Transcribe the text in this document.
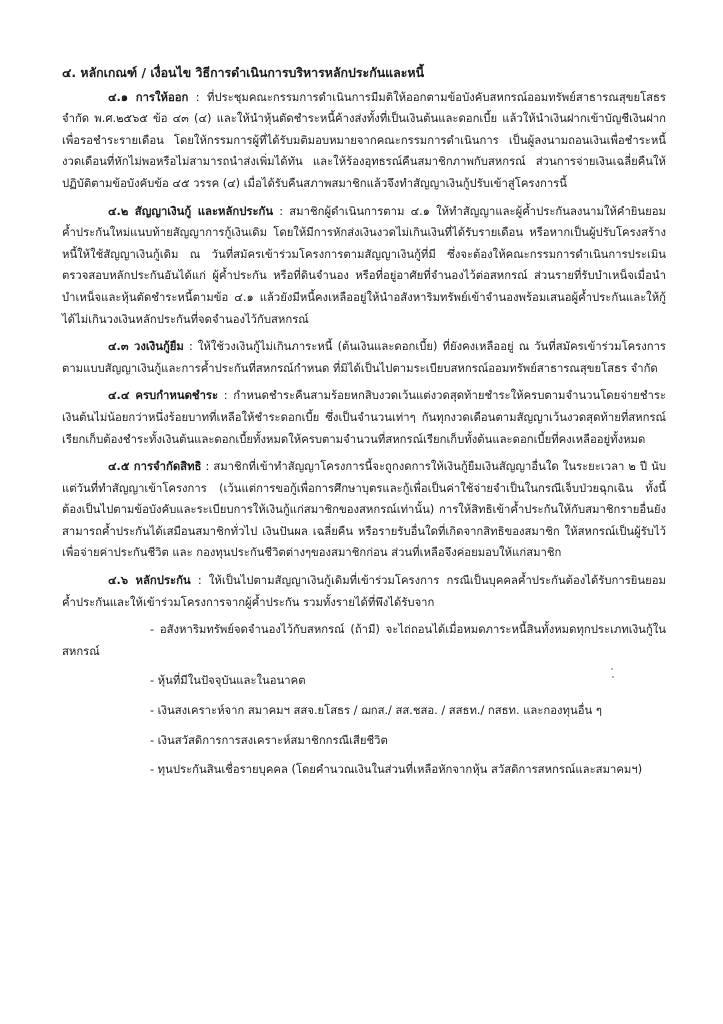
๔. หลักเกณฑ์ / เงื่อนไข วิธีการดำเนินการบริหารหลักประกันและหนี้

๔.๑ การให้ออก : ที่ประชุมคณะกรรมการดำเนินการมีมติให้ออกตามข้อบังคับสหกรณ์ออมทรัพย์สาธารณสุขยโสธร จำกัด พ.ศ.๒๕๖๕ ข้อ ๔๓ (๔) และให้นำหุ้นตัดชำระหนี้ค้างส่งทั้งที่เป็นเงินต้นและดอกเบี้ย แล้วให้นำเงินฝากเข้าบัญชีเงินฝากเพื่อรอชำระรายเดือน โดยให้กรรมการผู้ที่ได้รับมติมอบหมายจากคณะกรรมการดำเนินการ เป็นผู้ลงนามถอนเงินเพื่อชำระหนี้งวดเดือนที่หักไม่พอหรือไม่สามารถนำส่งเพิ่มได้ทัน และให้ร้องอุทธรณ์คืนสมาชิกภาพกับสหกรณ์ ส่วนการจ่ายเงินเฉลี่ยคืนให้ปฏิบัติตามข้อบังคับข้อ ๔๕ วรรค (๔) เมื่อได้รับคืนสภาพสมาชิกแล้วจึงทำสัญญาเงินกู้ปรับเข้าสู่โครงการนี้

๔.๒ สัญญาเงินกู้ และหลักประกัน : สมาชิกผู้ดำเนินการตาม ๔.๑ ให้ทำสัญญาและผู้ค้ำประกันลงนามให้คำยินยอม ค้ำประกันใหม่แนบท้ายสัญญาการกู้เงินเดิม โดยให้มีการหักส่งเงินงวดไม่เกินเงินที่ได้รับรายเดือน หรือหากเป็นผู้ปรับโครงสร้างหนี้ให้ใช้สัญญาเงินกู้เดิม ณ วันที่สมัครเข้าร่วมโครงการตามสัญญาเงินกู้ที่มี ซึ่งจะต้องให้คณะกรรมการดำเนินการประเมินตรวจสอบหลักประกันอันได้แก่ ผู้ค้ำประกัน หรือที่ดินจำนอง หรือที่อยู่อาศัยที่จำนองไว้ต่อสหกรณ์ ส่วนรายที่รับบำเหน็จเมื่อนำบำเหน็จและหุ้นตัดชำระหนี้ตามข้อ ๔.๑ แล้วยังมีหนี้คงเหลืออยู่ให้นำอสังหาริมทรัพย์เข้าจำนองพร้อมเสนอผู้ค้ำประกันและให้กู้ได้ไม่เกินวงเงินหลักประกันที่จดจำนองไว้กับสหกรณ์

๔.๓ วงเงินกู้ยืม : ให้ใช้วงเงินกู้ไม่เกินภาระหนี้ (ต้นเงินและดอกเบี้ย) ที่ยังคงเหลืออยู่ ณ วันที่สมัครเข้าร่วมโครงการ ตามแบบสัญญาเงินกู้และการค้ำประกันที่สหกรณ์กำหนด ที่มิได้เป็นไปตามระเบียบสหกรณ์ออมทรัพย์สาธารณสุขยโสธร จำกัด

๔.๔ ครบกำหนดชำระ : กำหนดชำระคืนสามร้อยหกสิบงวดเว้นแต่งวดสุดท้ายชำระให้ครบตามจำนวนโดยจ่ายชำระเงินต้นไม่น้อยกว่าหนึ่งร้อยบาทที่เหลือให้ชำระดอกเบี้ย ซึ่งเป็นจำนวนเท่าๆ กันทุกงวดเดือนตามสัญญาเว้นงวดสุดท้ายที่สหกรณ์เรียกเก็บต้องชำระทั้งเงินต้นและดอกเบี้ยทั้งหมดให้ครบตามจำนวนที่สหกรณ์เรียกเก็บทั้งต้นและดอกเบี้ยที่คงเหลืออยู่ทั้งหมด

๔.๕ การจำกัดสิทธิ : สมาชิกที่เข้าทำสัญญาโครงการนี้จะถูกงดการให้เงินกู้ยืมเงินสัญญาอื่นใด ในระยะเวลา ๒ ปี นับแต่วันที่ทำสัญญาเข้าโครงการ (เว้นแต่การขอกู้เพื่อการศึกษาบุตรและกู้เพื่อเป็นค่าใช้จ่ายจำเป็นในกรณีเจ็บป่วยฉุกเฉิน ทั้งนี้ต้องเป็นไปตามข้อบังคับและระเบียบการให้เงินกู้แก่สมาชิกของสหกรณ์เท่านั้น) การให้สิทธิเข้าค้ำประกันให้กับสมาชิกรายอื่นยังสามารถค้ำประกันได้เสมือนสมาชิกทั่วไป เงินปันผล เฉลี่ยคืน หรือรายรับอื่นใดที่เกิดจากสิทธิของสมาชิก ให้สหกรณ์เป็นผู้รับไว้เพื่อจ่ายค่าประกันชีวิต และ กองทุนประกันชีวิตต่างๆของสมาชิกก่อน ส่วนที่เหลือจึงค่อยมอบให้แก่สมาชิก

๔.๖ หลักประกัน : ให้เป็นไปตามสัญญาเงินกู้เดิมที่เข้าร่วมโครงการ กรณีเป็นบุคคลค้ำประกันต้องได้รับการยินยอม ค้ำประกันและให้เข้าร่วมโครงการจากผู้ค้ำประกัน รวมทั้งรายได้ที่พึงได้รับจาก

- อสังหาริมทรัพย์จดจำนองไว้กับสหกรณ์ (ถ้ามี) จะไถ่ถอนได้เมื่อหมดภาระหนี้สินทั้งหมดทุกประเภทเงินกู้ในสหกรณ์

- หุ้นที่มีในปัจจุบันและในอนาคต

- เงินสงเคราะห์จาก สมาคมฯ สสจ.ยโสธร / ฌกส./ สส.ชสอ. / สสธท./ กสธท. และกองทุนอื่น ๆ

- เงินสวัสดิการการสงเคราะห์สมาชิกกรณีเสียชีวิต

- ทุนประกันสินเชื่อรายบุคคล (โดยคำนวณเงินในส่วนที่เหลือหักจากหุ้น สวัสดิการสหกรณ์และสมาคมฯ)
